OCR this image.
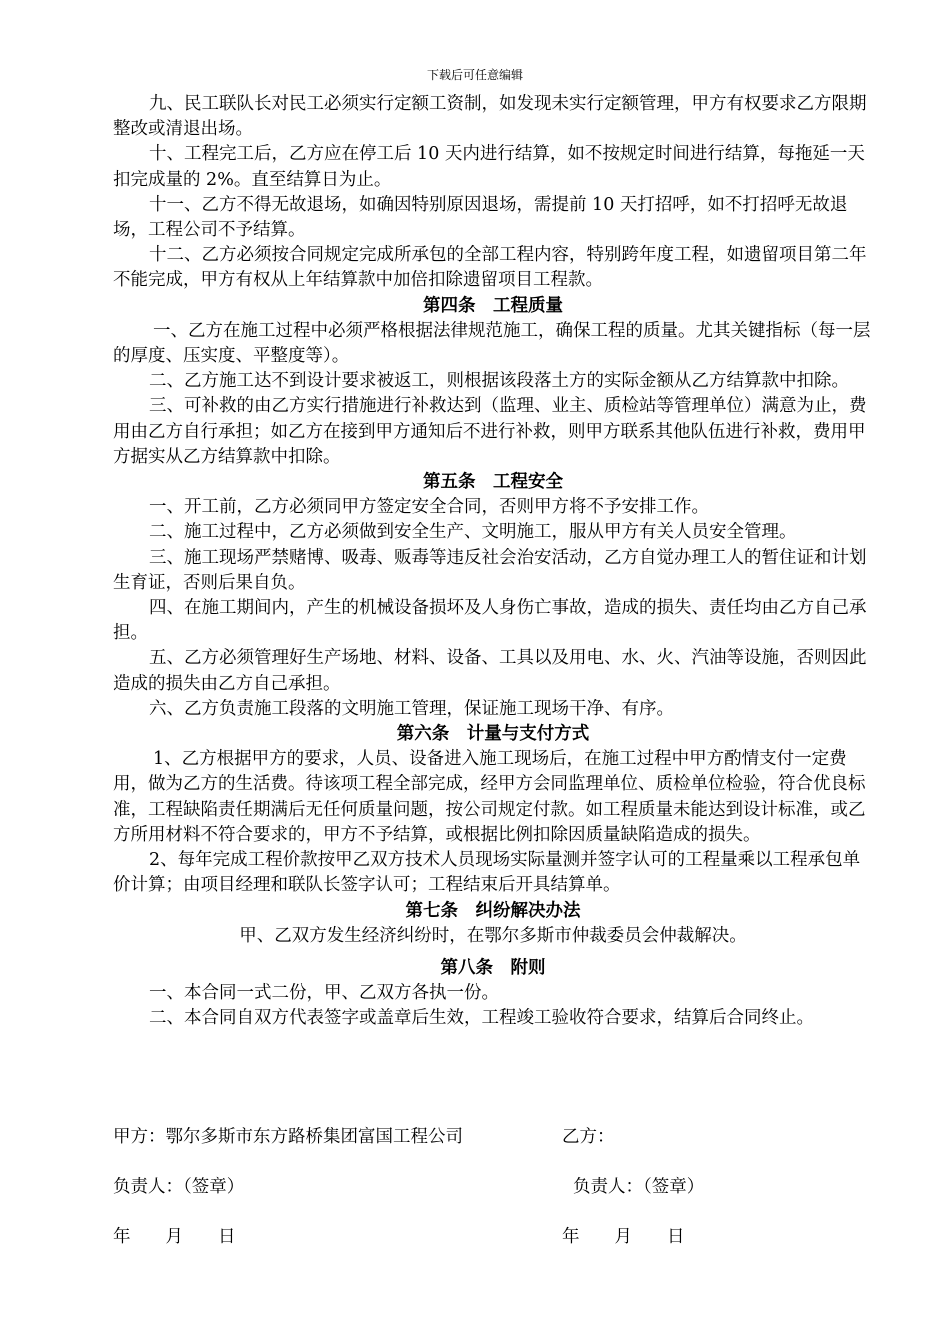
下载后可任意编辑

九、民工联队长对民工必须实行定额工资制，如发现未实行定额管理，甲方有权要求乙方限期整改或清退出场。

十、工程完工后，乙方应在停工后 10 天内进行结算，如不按规定时间进行结算，每拖延一天扣完成量的 2%。直至结算日为止。

十一、乙方不得无故退场，如确因特别原因退场，需提前 10 天打招呼，如不打招呼无故退场，工程公司不予结算。

十二、乙方必须按合同规定完成所承包的全部工程内容，特别跨年度工程，如遗留项目第二年不能完成，甲方有权从上年结算款中加倍扣除遗留项目工程款。

第四条　工程质量

一、乙方在施工过程中必须严格根据法律规范施工，确保工程的质量。尤其关键指标（每一层的厚度、压实度、平整度等）。

二、乙方施工达不到设计要求被返工，则根据该段落土方的实际金额从乙方结算款中扣除。

三、可补救的由乙方实行措施进行补救达到（监理、业主、质检站等管理单位）满意为止，费用由乙方自行承担；如乙方在接到甲方通知后不进行补救，则甲方联系其他队伍进行补救，费用甲方据实从乙方结算款中扣除。

第五条　工程安全

一、开工前，乙方必须同甲方签定安全合同，否则甲方将不予安排工作。

二、施工过程中，乙方必须做到安全生产、文明施工，服从甲方有关人员安全管理。

三、施工现场严禁赌博、吸毒、贩毒等违反社会治安活动，乙方自觉办理工人的暂住证和计划生育证，否则后果自负。

四、在施工期间内，产生的机械设备损坏及人身伤亡事故，造成的损失、责任均由乙方自己承担。

五、乙方必须管理好生产场地、材料、设备、工具以及用电、水、火、汽油等设施，否则因此造成的损失由乙方自己承担。

六、乙方负责施工段落的文明施工管理，保证施工现场干净、有序。

第六条　计量与支付方式

1、乙方根据甲方的要求，人员、设备进入施工现场后，在施工过程中甲方酌情支付一定费用，做为乙方的生活费。待该项工程全部完成，经甲方会同监理单位、质检单位检验，符合优良标准，工程缺陷责任期满后无任何质量问题，按公司规定付款。如工程质量未能达到设计标准，或乙方所用材料不符合要求的，甲方不予结算，或根据比例扣除因质量缺陷造成的损失。

2、每年完成工程价款按甲乙双方技术人员现场实际量测并签字认可的工程量乘以工程承包单价计算；由项目经理和联队长签字认可；工程结束后开具结算单。

第七条　纠纷解决办法

甲、乙双方发生经济纠纷时，在鄂尔多斯市仲裁委员会仲裁解决。

第八条　附则

一、本合同一式二份，甲、乙双方各执一份。

二、本合同自双方代表签字或盖章后生效，工程竣工验收符合要求，结算后合同终止。

甲方：鄂尔多斯市东方路桥集团富国工程公司	乙方：
负责人：（签章）	负责人：（签章）
年　　月　　日	年　　月　　日
